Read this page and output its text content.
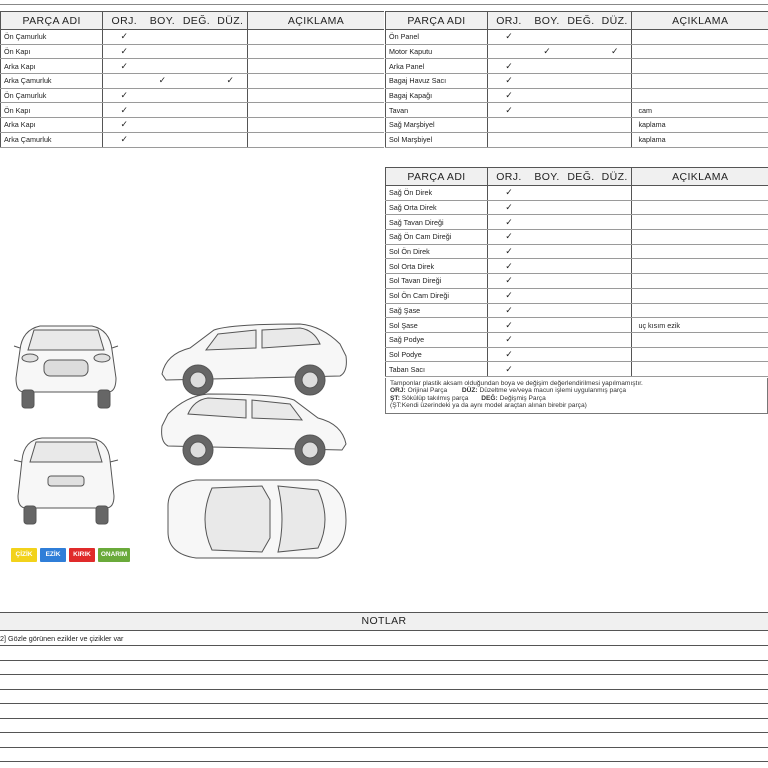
PARÇA ADI	ORJ.	BOY.	DEĞ.	DÜZ.	AÇIKLAMA
Ön Çamurluk	✓				
Ön Kapı	✓				
Arka Kapı	✓				
Arka Çamurluk		✓		✓	
Ön Çamurluk	✓				
Ön Kapı	✓				
Arka Kapı	✓				
Arka Çamurluk	✓				
PARÇA ADI	ORJ.	BOY.	DEĞ.	DÜZ.	AÇIKLAMA
Ön Panel	✓				
Motor Kaputu		✓		✓	
Arka Panel	✓				
Bagaj Havuz Sacı	✓				
Bagaj Kapağı	✓				
Tavan	✓				cam
Sağ Marşbiyel					kaplama
Sol Marşbiyel					kaplama
PARÇA ADI	ORJ.	BOY.	DEĞ.	DÜZ.	AÇIKLAMA
Sağ Ön Direk	✓				
Sağ Orta Direk	✓				
Sağ Tavan Direği	✓				
Sağ Ön Cam Direği	✓				
Sol Ön Direk	✓				
Sol Orta Direk	✓				
Sol Tavan Direği	✓				
Sol Ön Cam Direği	✓				
Sağ Şase	✓				
Sol Şase	✓				uç kısım ezik
Sağ Podye	✓				
Sol Podye	✓				
Taban Sacı	✓				
Tamponlar plastik aksam olduğundan boya ve değişim değerlendirilmesi yapılmamıştır.
ORJ: Orijinal Parça DÜZ: Düzeltme ve/veya macun işlemi uygulanmış parça
ŞT: Sökülüp takılmış parça DEĞ: Değişmiş Parça
(ŞT:Kendi üzerindeki ya da aynı model araçtan alınan birebir parça)
ÇİZİK	EZİK	KIRIK	ONARIM
NOTLAR
2] Gözle görünen ezikler ve çizikler var
